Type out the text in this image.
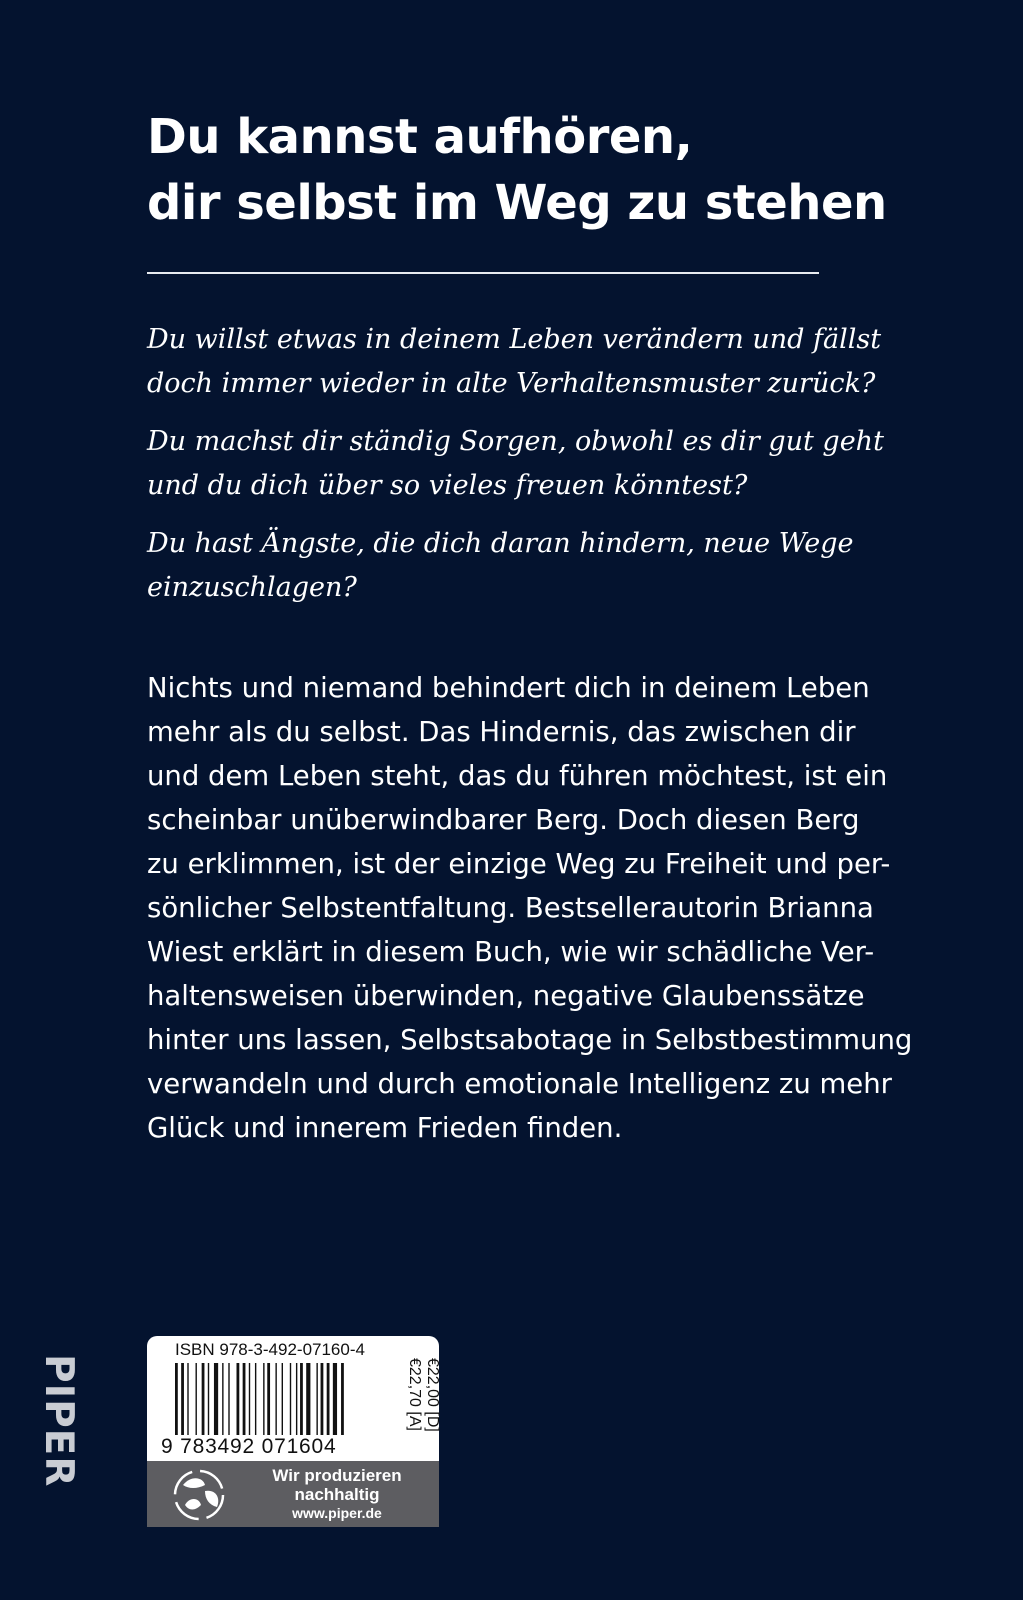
Du kannst aufhören,
dir selbst im Weg zu stehen

Du willst etwas in deinem Leben verändern und fällst
doch immer wieder in alte Verhaltensmuster zurück?

Du machst dir ständig Sorgen, obwohl es dir gut geht
und du dich über so vieles freuen könntest?

Du hast Ängste, die dich daran hindern, neue Wege
einzuschlagen?

Nichts und niemand behindert dich in deinem Leben
mehr als du selbst. Das Hindernis, das zwischen dir
und dem Leben steht, das du führen möchtest, ist ein
scheinbar unüberwindbarer Berg. Doch diesen Berg
zu erklimmen, ist der einzige Weg zu Freiheit und per-
sönlicher Selbstentfaltung. Bestsellerautorin Brianna
Wiest erklärt in diesem Buch, wie wir schädliche Ver-
haltensweisen überwinden, negative Glaubenssätze
hinter uns lassen, Selbstsabotage in Selbstbestimmung
verwandeln und durch emotionale Intelligenz zu mehr
Glück und innerem Frieden finden.
PIPER
ISBN 978-3-492-07160-4
9 783492 071604
€22,00 [D]
€22,70 [A]
Wir produzieren
nachhaltig
www.piper.de
